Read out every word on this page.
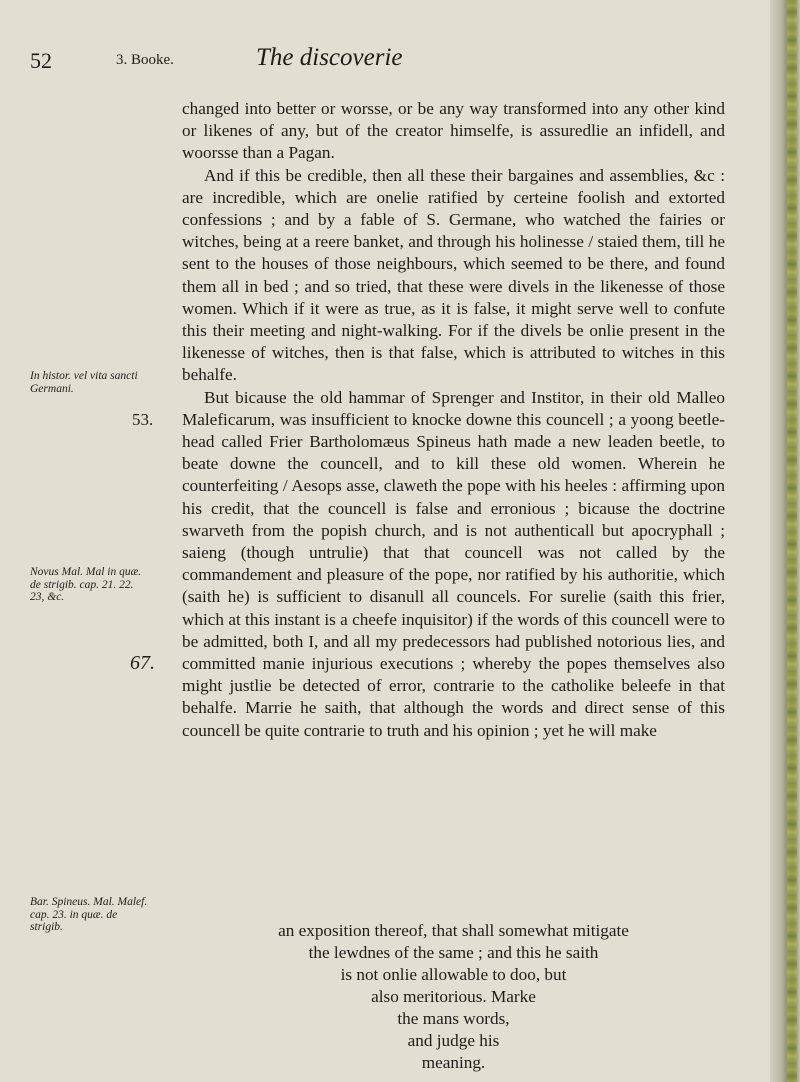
52	3. Booke.	The discoverie
In histor. vel vita sancti Germani.
53.
Novus Mal. Mal in quæ. de strigib. cap. 21. 22. 23, &c.
67.
Bar. Spineus. Mal. Malef. cap. 23. in quæ. de strigib.

changed into better or worsse, or be any way transformed into any other kind or likenes of any, but of the creator himselfe, is assuredlie an infidell, and woorsse than a Pagan.

And if this be credible, then all these their bargaines and assemblies, &c : are incredible, which are onelie ratified by certeine foolish and extorted confessions ; and by a fable of S. Germane, who watched the fairies or witches, being at a reere banket, and through his holinesse / staied them, till he sent to the houses of those neighbours, which seemed to be there, and found them all in bed ; and so tried, that these were divels in the likenesse of those women. Which if it were as true, as it is false, it might serve well to confute this their meeting and night-walking. For if the divels be onlie present in the likenesse of witches, then is that false, which is attributed to witches in this behalfe.

But bicause the old hammar of Sprenger and Institor, in their old Malleo Maleficarum, was insufficient to knocke downe this councell ; a yoong beetle-head called Frier Bartholomæus Spineus hath made a new leaden beetle, to beate downe the councell, and to kill these old women. Wherein he counterfeiting / Aesops asse, claweth the pope with his heeles : affirming upon his credit, that the councell is false and erronious ; bicause the doctrine swarveth from the popish church, and is not authenticall but apocryphall ; saieng (though untrulie) that that councell was not called by the commandement and pleasure of the pope, nor ratified by his authoritie, which (saith he) is sufficient to disanull all councels. For surelie (saith this frier, which at this instant is a cheefe inquisitor) if the words of this councell were to be admitted, both I, and all my predecessors had published notorious lies, and committed manie injurious executions ; whereby the popes themselves also might justlie be detected of error, contrarie to the catholike beleefe in that behalfe. Marrie he saith, that although the words and direct sense of this councell be quite contrarie to truth and his opinion ; yet he will make

an exposition thereof, that shall somewhat mitigate
the lewdnes of the same ; and this he saith
is not onlie allowable to doo, but
also meritorious. Marke
the mans words,
and judge his
meaning.
